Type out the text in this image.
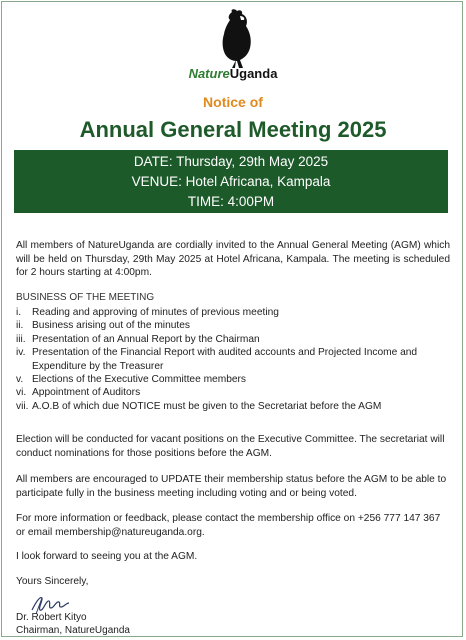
NatureUganda
Notice of
Annual General Meeting 2025
DATE: Thursday, 29th May 2025
VENUE: Hotel Africana, Kampala
TIME: 4:00PM
All members of NatureUganda are cordially invited to the Annual General Meeting (AGM) which will be held on Thursday, 29th May 2025 at Hotel Africana, Kampala. The meeting is scheduled for 2 hours starting at 4:00pm.
BUSINESS OF THE MEETING
i.	Reading and approving of minutes of previous meeting
ii. Business arising out of the minutes
iii. Presentation of an Annual Report by the Chairman
iv. Presentation of the Financial Report with audited accounts and Projected Income and
Expenditure by the Treasurer
v. Elections of the Executive Committee members
vi. Appointment of Auditors
vii. A.O.B of which due NOTICE must be given to the Secretariat before the AGM
Election will be conducted for vacant positions on the Executive Committee. The secretariat will conduct nominations for those positions before the AGM.
All members are encouraged to UPDATE their membership status before the AGM to be able to participate fully in the business meeting including voting and or being voted.
For more information or feedback, please contact the membership office on +256 777 147 367 or email membership@natureuganda.org.
I look forward to seeing you at the AGM.
Yours Sincerely,
Dr. Robert Kityo
Chairman, NatureUganda
